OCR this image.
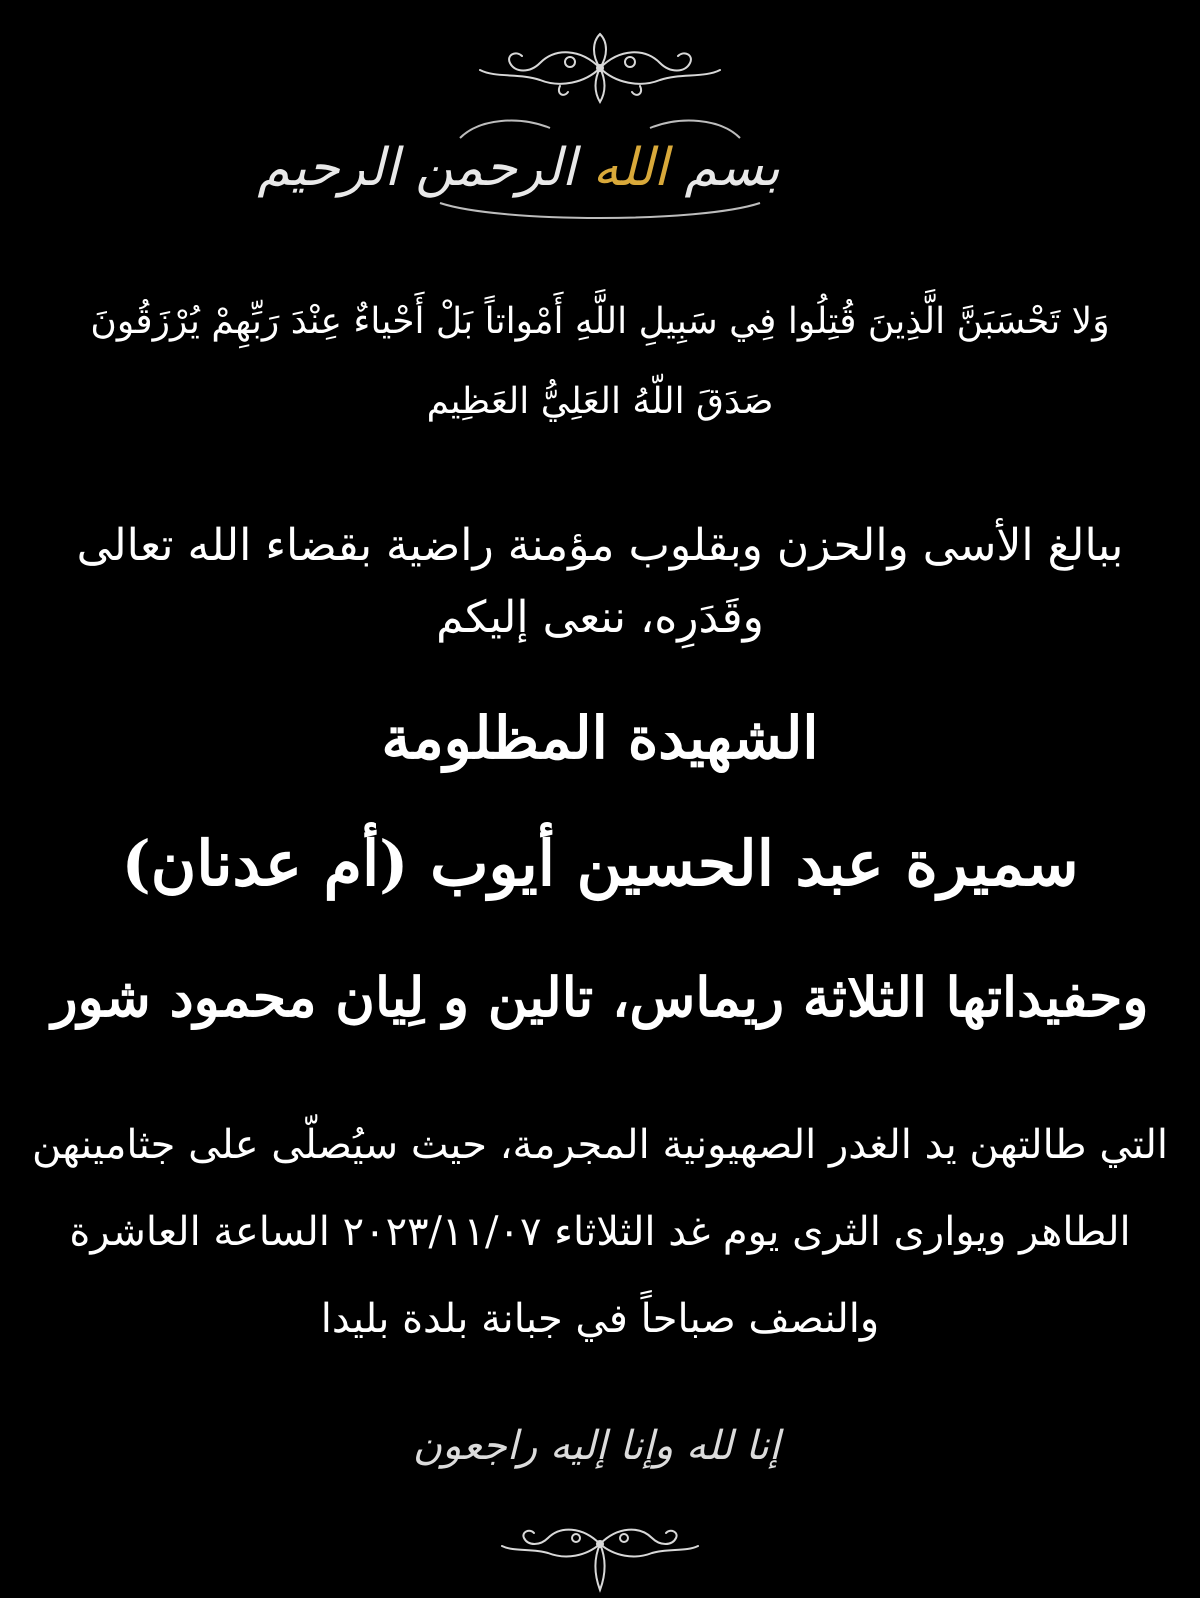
بسم الله الرحمن الرحيم
وَلا تَحْسَبَنَّ الَّذِينَ قُتِلُوا فِي سَبِيلِ اللَّهِ أَمْواتاً بَلْ أَحْياءٌ عِنْدَ رَبِّهِمْ يُرْزَقُونَ
صَدَقَ اللّهُ العَلِيُّ العَظِيم
ببالغ الأسى والحزن وبقلوب مؤمنة راضية بقضاء الله تعالى
وقَدَرِه، ننعى إليكم
الشهيدة المظلومة
سميرة عبد الحسين أيوب (أم عدنان)
وحفيداتها الثلاثة ريماس، تالين و لِيان محمود شور
التي طالتهن يد الغدر الصهيونية المجرمة، حيث سيُصلّى على جثامينهن
الطاهر ويوارى الثرى يوم غد الثلاثاء ٢٠٢٣/١١/٠٧ الساعة العاشرة
والنصف صباحاً في جبانة بلدة بليدا
إنا لله وإنا إليه راجعون
